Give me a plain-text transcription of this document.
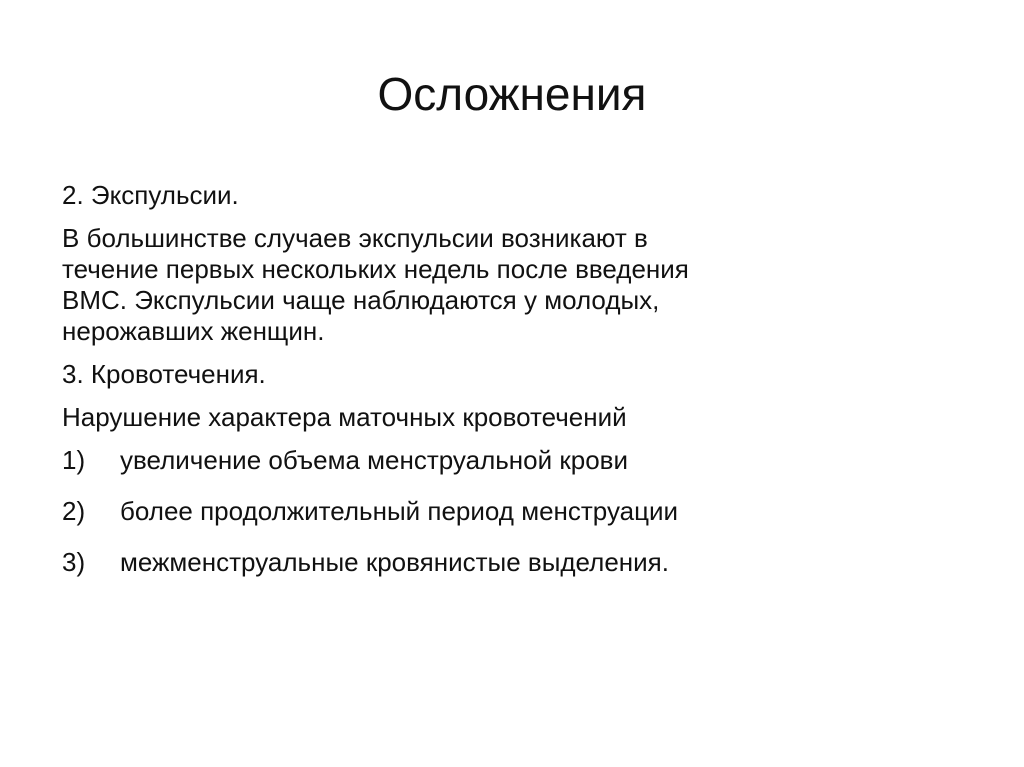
Осложнения
2. Экспульсии.
В большинстве случаев экспульсии возникают в
течение первых нескольких недель после введения
ВМС. Экспульсии чаще наблюдаются у молодых,
нерожавших женщин.
3. Кровотечения.
Нарушение характера маточных кровотечений
1)	увеличение объема менструальной крови
2)	более продолжительный период менструации
3)	межменструальные кровянистые выделения.
